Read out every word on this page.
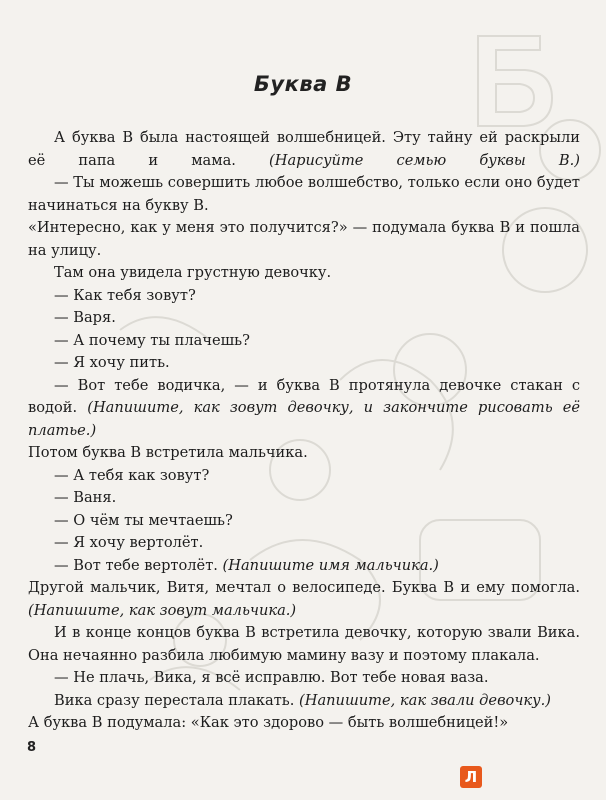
Буква В

А буква В была настоящей волшебницей. Эту тайну ей раскрыли её папа и мама. (Нарисуйте семью буквы В.)

— Ты можешь совершить любое волшебство, только если оно будет начинаться на букву В.

«Интересно, как у меня это получится?» — подумала буква В и пошла на улицу.

Там она увидела грустную девочку.

— Как тебя зовут?

— Варя.

— А почему ты плачешь?

— Я хочу пить.

— Вот тебе водичка, — и буква В протянула девочке стакан с водой. (Напишите, как зовут девочку, и закончите рисовать её платье.)

Потом буква В встретила мальчика.

— А тебя как зовут?

— Ваня.

— О чём ты мечтаешь?

— Я хочу вертолёт.

— Вот тебе вертолёт. (Напишите имя мальчика.)

Другой мальчик, Витя, мечтал о велосипеде. Буква В и ему помогла. (Напишите, как зовут мальчика.)

И в конце концов буква В встретила девочку, которую звали Вика. Она нечаянно разбила любимую мамину вазу и поэтому плакала.

— Не плачь, Вика, я всё исправлю. Вот тебе новая ваза.

Вика сразу перестала плакать. (Напишите, как звали девочку.)

А буква В подумала: «Как это здорово — быть волшебницей!»

8
Л
